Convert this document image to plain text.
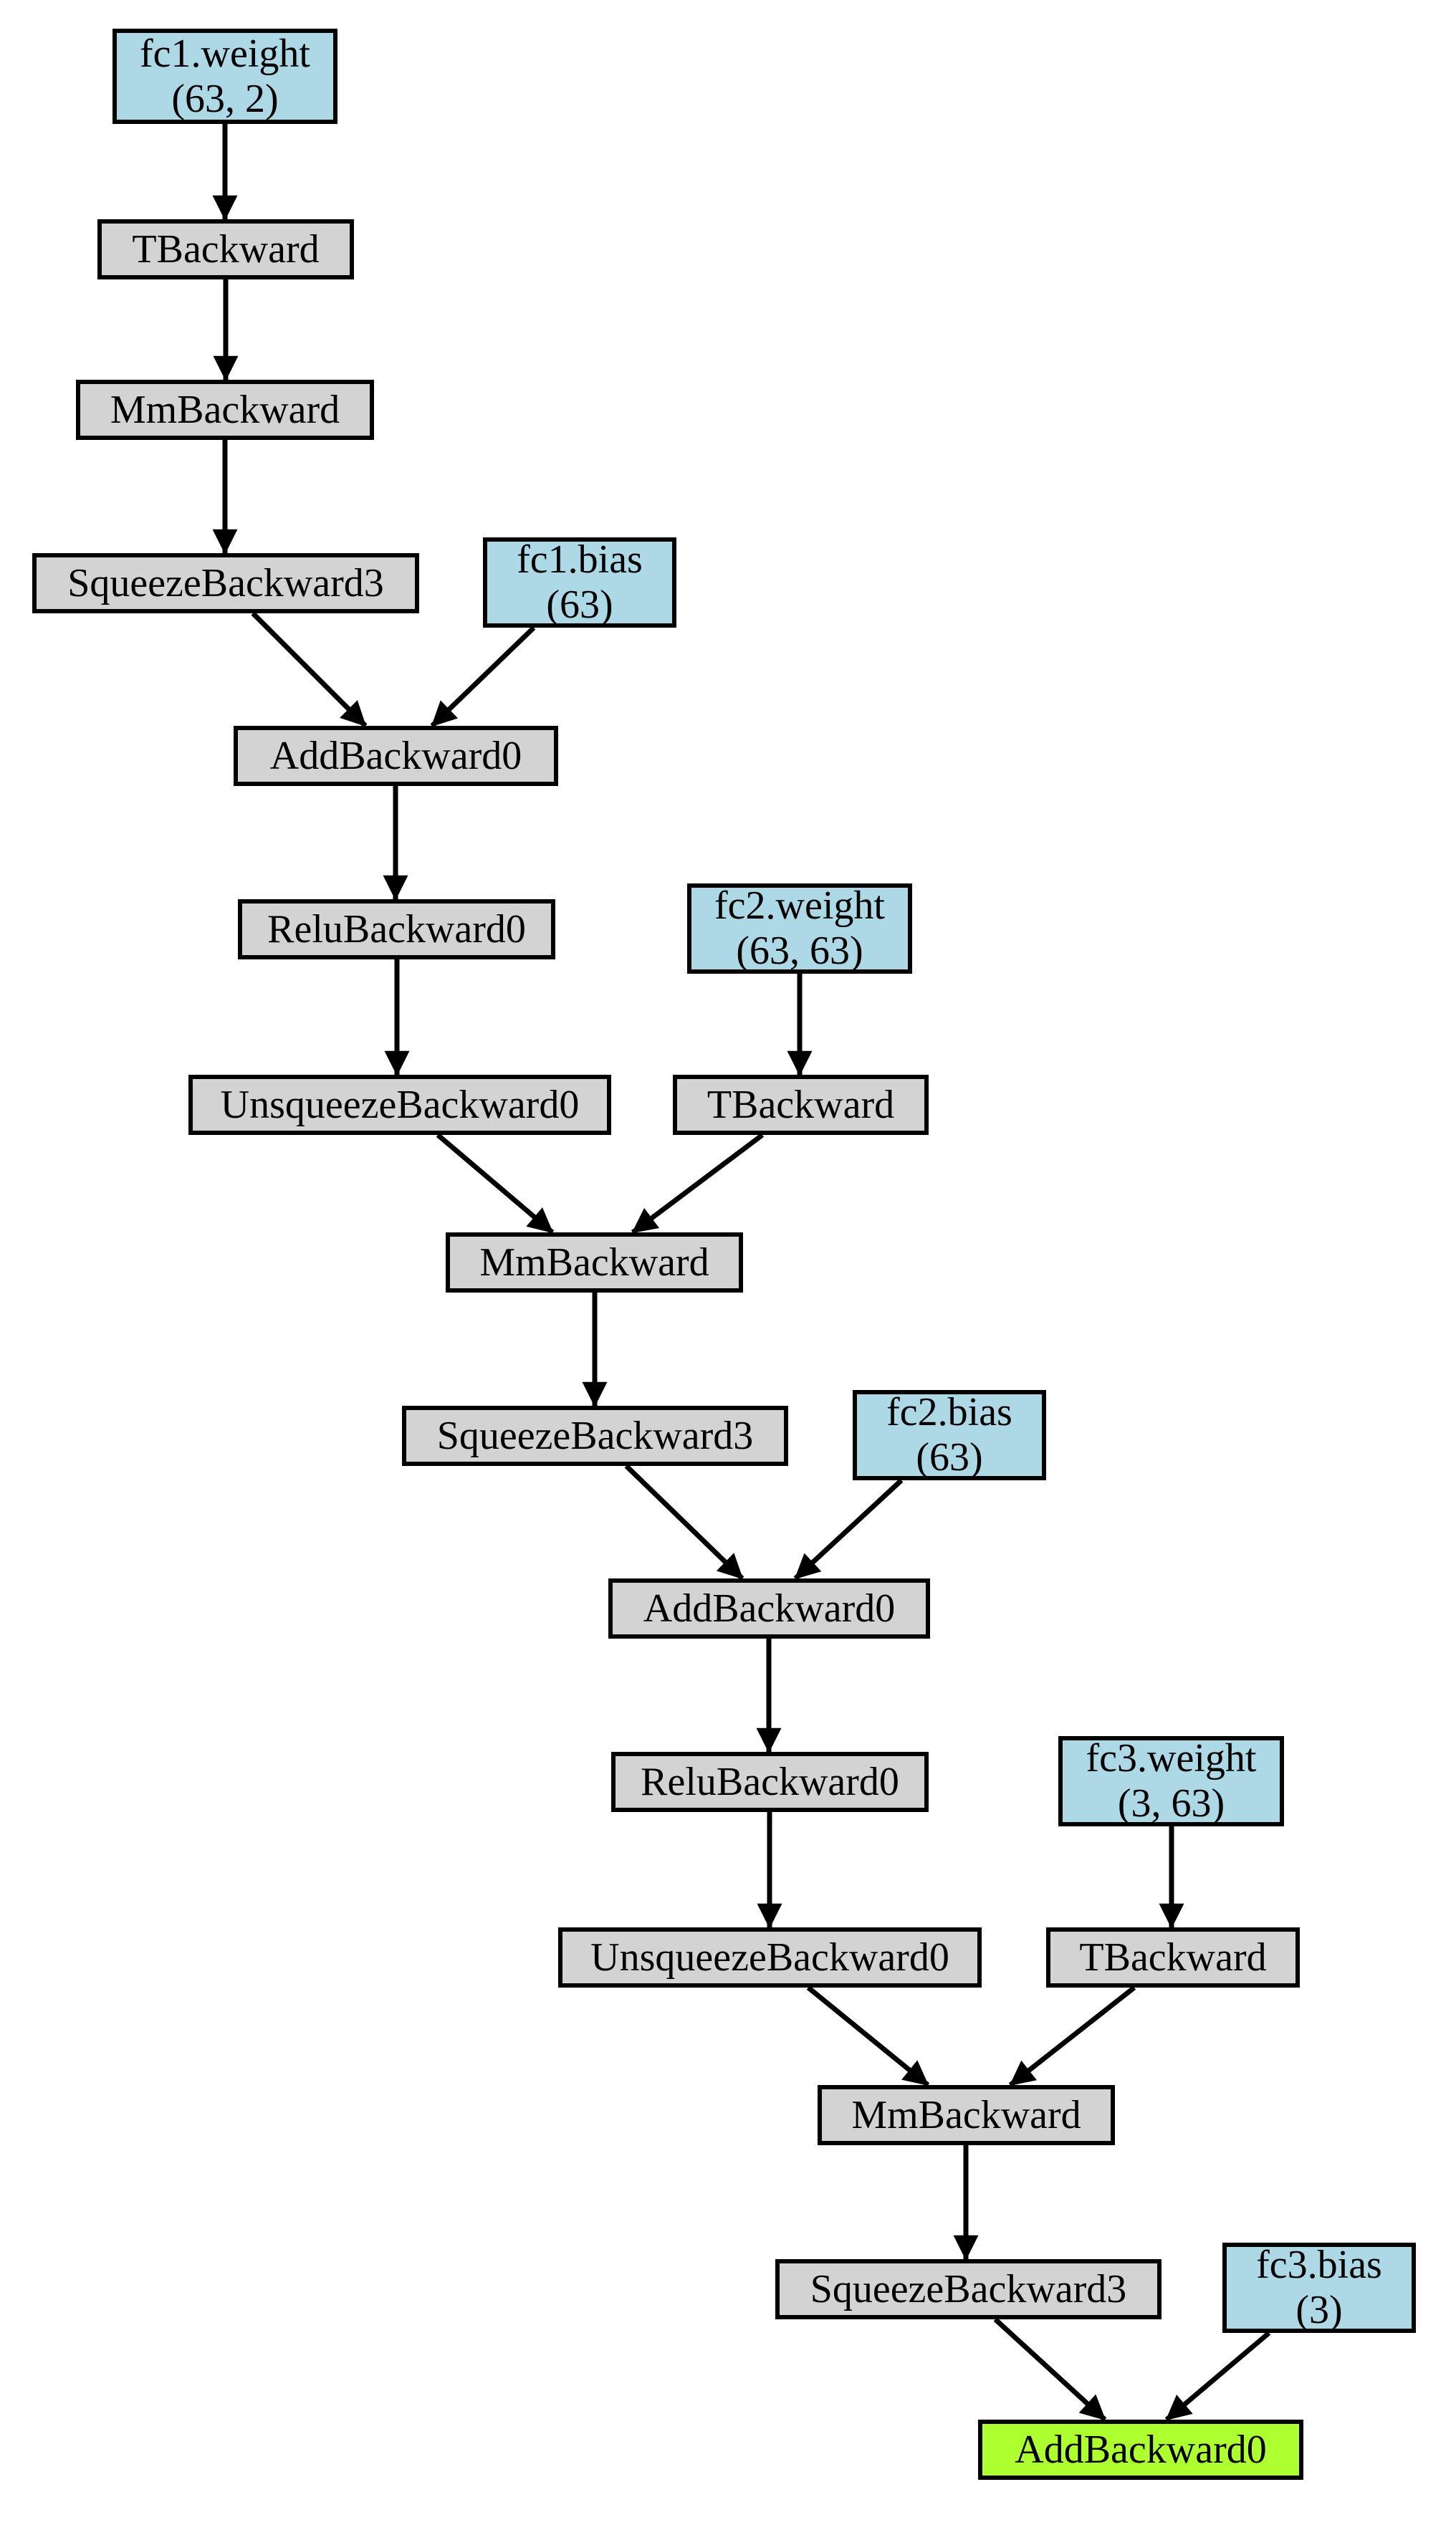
fc1.weight
(63, 2)
TBackward
MmBackward
SqueezeBackward3
fc1.bias
(63)
AddBackward0
ReluBackward0
fc2.weight
(63, 63)
UnsqueezeBackward0	TBackward
MmBackward
SqueezeBackward3
fc2.bias
(63)
AddBackward0
ReluBackward0
fc3.weight
(3, 63)
UnsqueezeBackward0	TBackward
MmBackward
SqueezeBackward3
fc3.bias
(3)
AddBackward0
